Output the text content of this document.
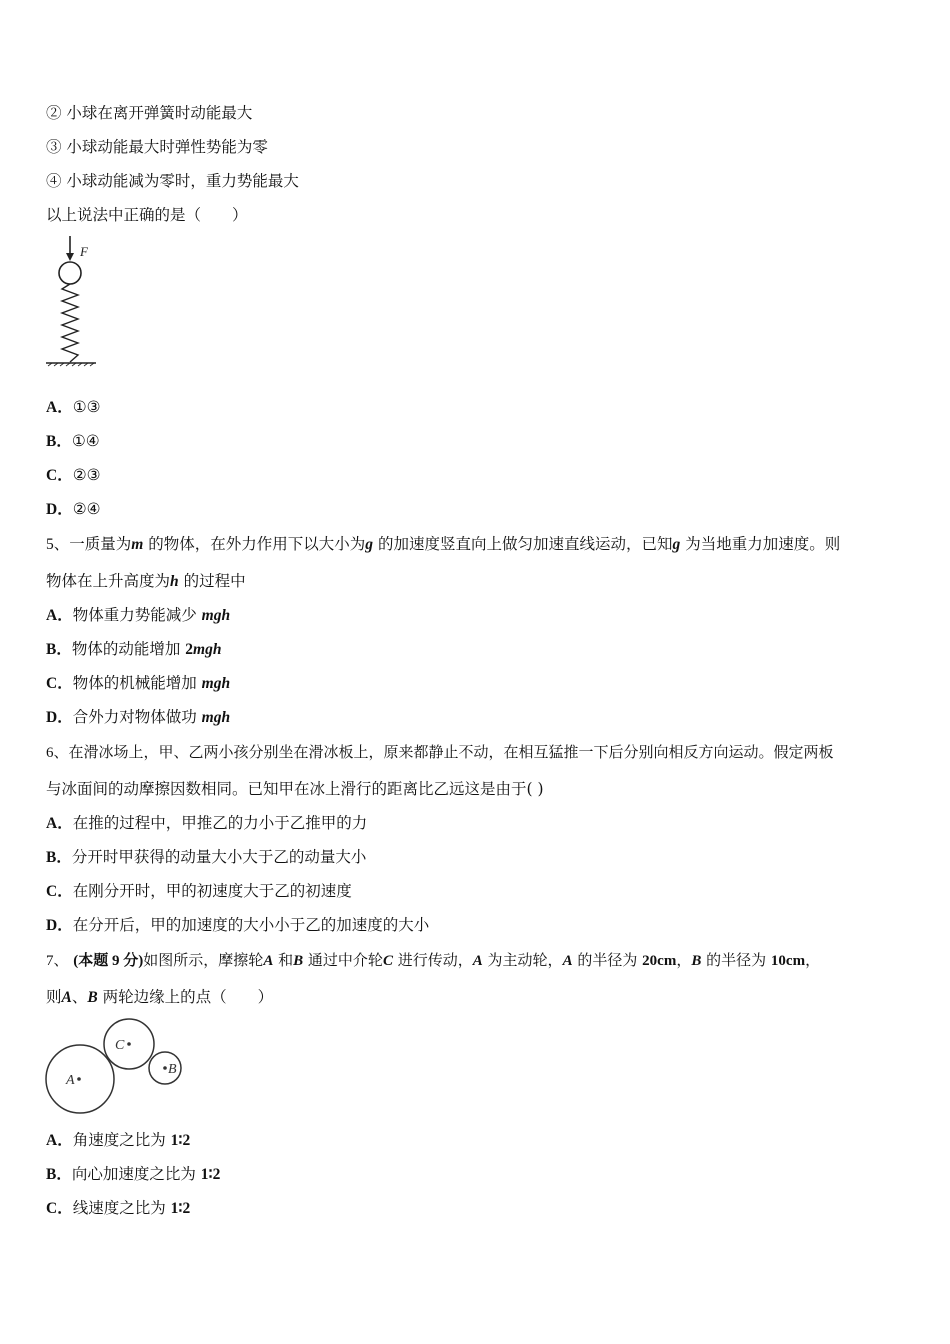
② 小球在离开弹簧时动能最大
③ 小球动能最大时弹性势能为零
④ 小球动能减为零时，重力势能最大
以上说法中正确的是（　　）
F
A．①③
B．①④
C．②③
D．②④
5、一质量为m 的物体，在外力作用下以大小为g 的加速度竖直向上做匀加速直线运动，已知g 为当地重力加速度。则
物体在上升高度为h 的过程中
A．物体重力势能减少 mgh
B．物体的动能增加 2mgh
C．物体的机械能增加 mgh
D．合外力对物体做功 mgh
6、在滑冰场上，甲、乙两小孩分别坐在滑冰板上，原来都静止不动，在相互猛推一下后分别向相反方向运动。假定两板
与冰面间的动摩擦因数相同。已知甲在冰上滑行的距离比乙远这是由于( )
A．在推的过程中，甲推乙的力小于乙推甲的力
B．分开时甲获得的动量大小大于乙的动量大小
C．在刚分开时，甲的初速度大于乙的初速度
D．在分开后，甲的加速度的大小小于乙的加速度的大小
7、 (本题 9 分)如图所示，摩擦轮A 和B 通过中介轮C 进行传动，A 为主动轮，A 的半径为 20cm，B 的半径为 10cm，
则A、B 两轮边缘上的点（　　）
A
C
B
A．角速度之比为 1∶2
B．向心加速度之比为 1∶2
C．线速度之比为 1∶2
